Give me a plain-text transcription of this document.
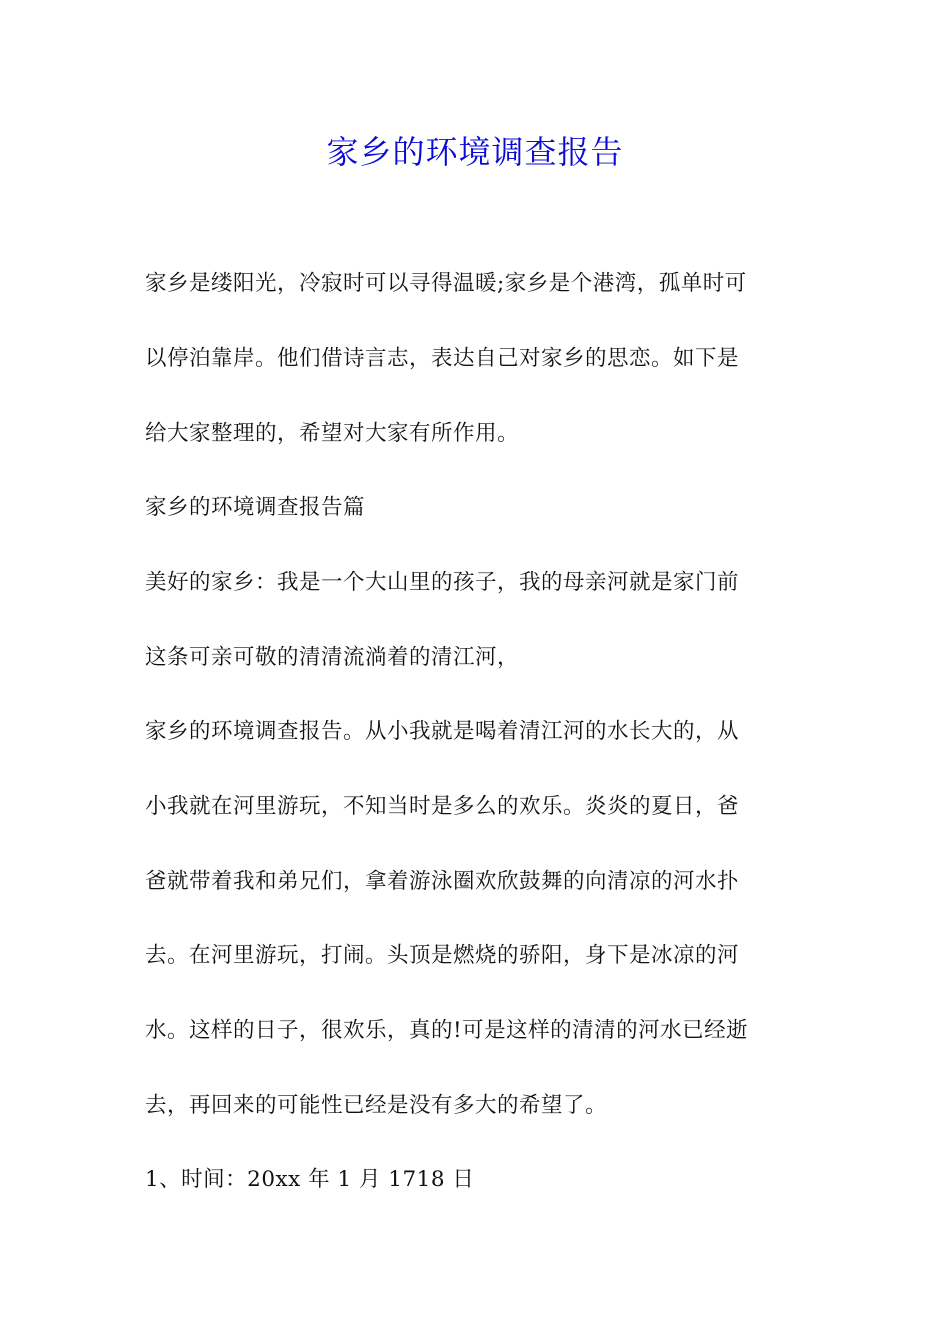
家乡的环境调查报告
家乡是缕阳光，冷寂时可以寻得温暖;家乡是个港湾，孤单时可
以停泊靠岸。他们借诗言志，表达自己对家乡的思恋。如下是
给大家整理的，希望对大家有所作用。
家乡的环境调查报告篇
美好的家乡：我是一个大山里的孩子，我的母亲河就是家门前
这条可亲可敬的清清流淌着的清江河，
家乡的环境调查报告。从小我就是喝着清江河的水长大的，从
小我就在河里游玩，不知当时是多么的欢乐。炎炎的夏日，爸
爸就带着我和弟兄们，拿着游泳圈欢欣鼓舞的向清凉的河水扑
去。在河里游玩，打闹。头顶是燃烧的骄阳，身下是冰凉的河
水。这样的日子，很欢乐，真的!可是这样的清清的河水已经逝
去，再回来的可能性已经是没有多大的希望了。
1、时间：20xx 年 1 月 1718 日
